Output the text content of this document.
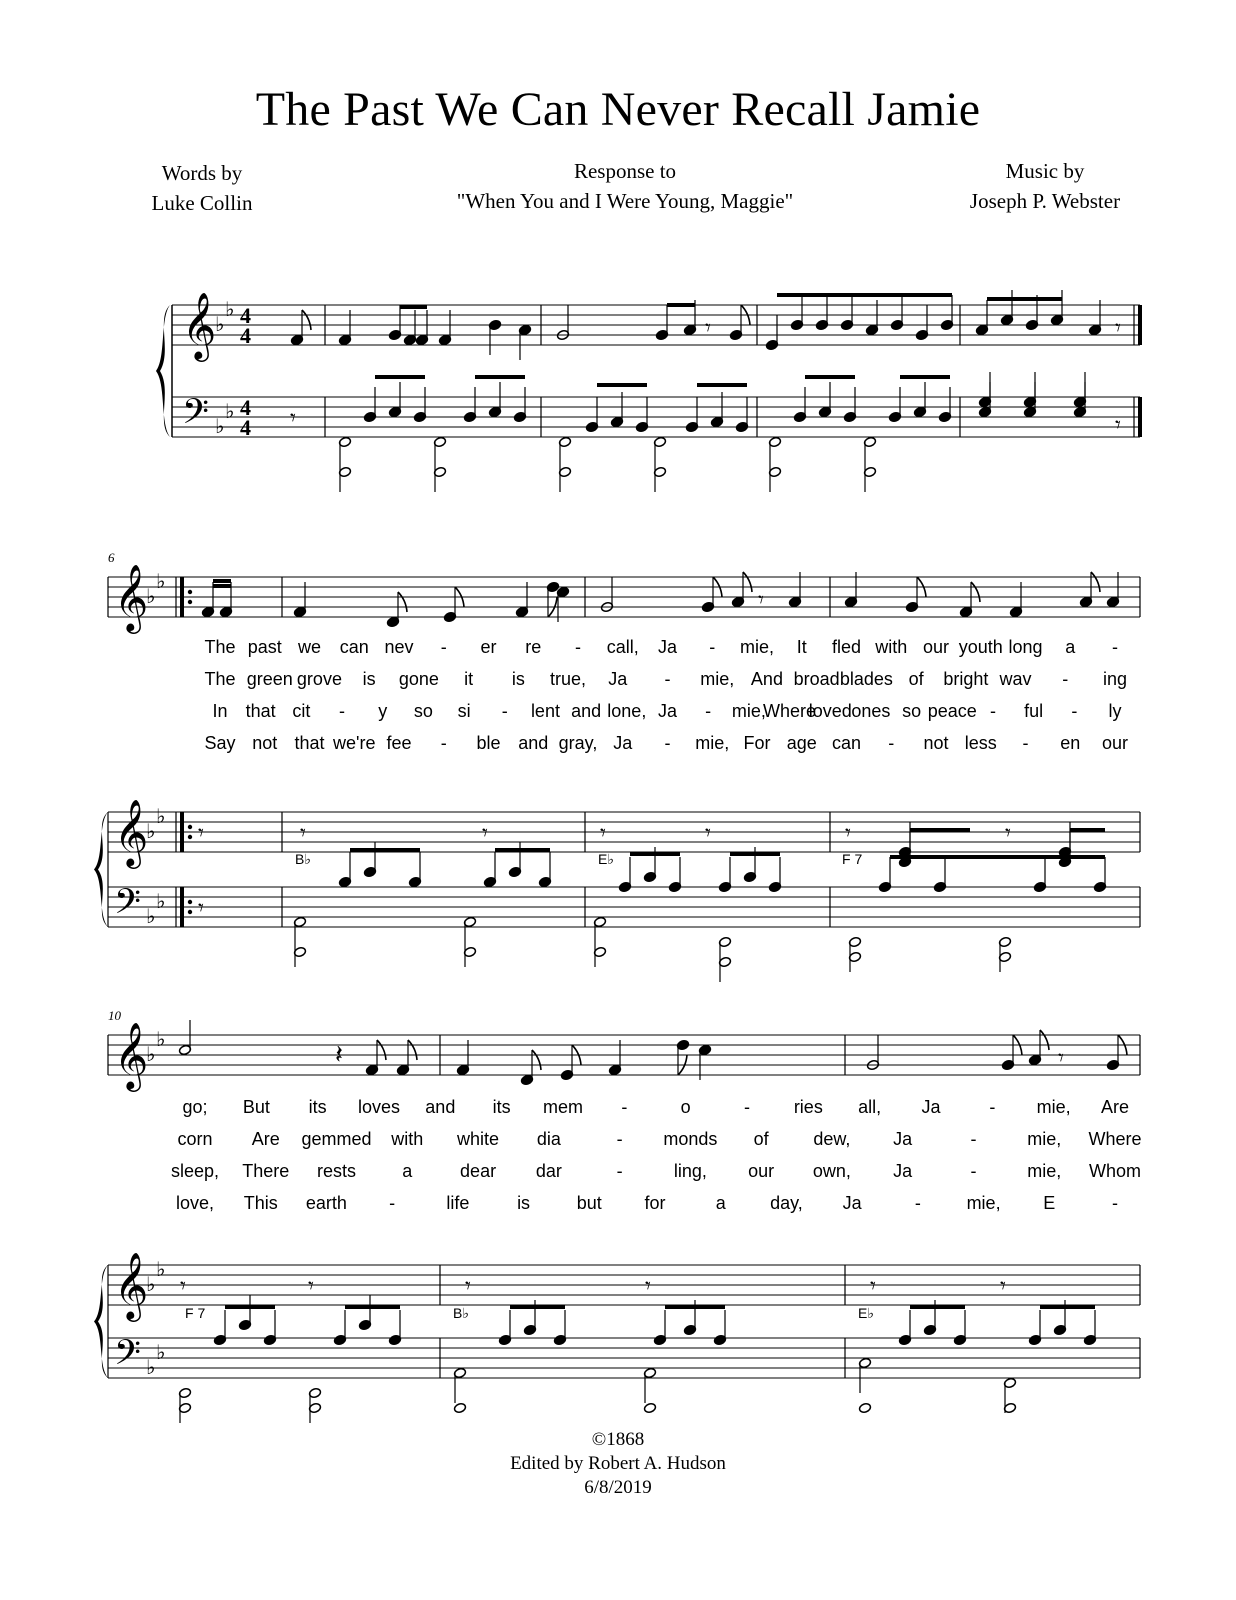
The Past We Can Never Recall Jamie
Words by
Luke Collin
Response to
"When You and I Were Young, Maggie"
Music by
Joseph P. Webster
𝄞
𝄢
♭
♭
♭
♭
4
4
4
4
𝄾	𝄾
𝄾	𝄾
𝄞
𝄞
𝄢
♭
♭
♭
♭
♭
♭
𝄾
𝄾
𝄾
𝄾	𝄾	𝄾	𝄾	𝄾	𝄾
𝄞
𝄞
𝄢
♭
♭
♭
♭
♭
♭
𝄽	𝄾
𝄾	𝄾	𝄾	𝄾	𝄾	𝄾
6
10
B♭	E♭	F 7
F 7	B♭	E♭
The past we can nev - er re - call, Ja - mie, It fled with our youth long a -
The green grove is gone it is true, Ja - mie, And broad blades of bright wav - ing
In that cit - y so si - lent and lone, Ja - mie,
Where
loved ones so peace - ful - ly
Say not that we're fee - ble and gray, Ja - mie, For age can - not less - en our
go; But its loves and its mem -	o	- ries all, Ja	- mie, Are
corn Are gemmed with white dia	- monds of dew, Ja	-	mie, Where
sleep, There rests	a	dear dar	-	ling, our own, Ja	-	mie, Whom
love, This earth -	life	is	but for	a day, Ja	-	mie, E	-
©1868
Edited by Robert A. Hudson
6/8/2019
